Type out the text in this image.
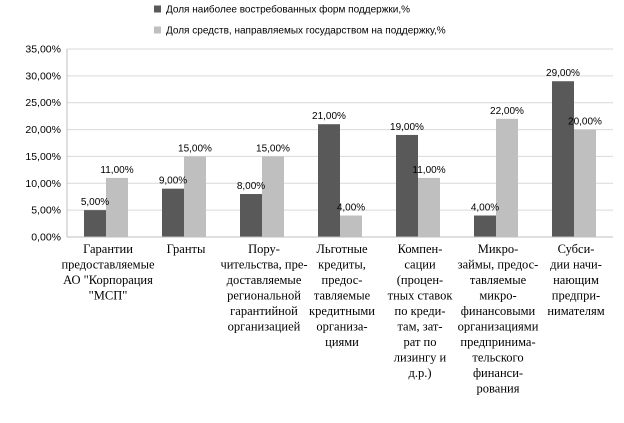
Доля наиболее востребованных форм поддержки,%
Доля средств, направляемых государством на поддержку,%
0,00%
5,00%
10,00%
15,00%
20,00%
25,00%
30,00%
35,00%
5,00%
9,00%	8,00%
21,00%
19,00%
4,00%
29,00%
11,00%
15,00%	15,00%
4,00%
11,00%
22,00%
20,00%
Гарантии предоставляемые АО "Корпорация "МСП"
Гранты	Пору-чительства, пре-доставляемые региональной гарантийной организацией
Льготные кредиты, предос-тавляемые кредитными организа-циями
Компен-сации (процен-тных ставок по креди-там, зат-рат по лизингу и д.р.)
Микро-займы, предос-тавляемые микро-финансовыми организациями предпринима-тельского финанси-рования
Субси-дии начи-нающим предпри-нимателям
